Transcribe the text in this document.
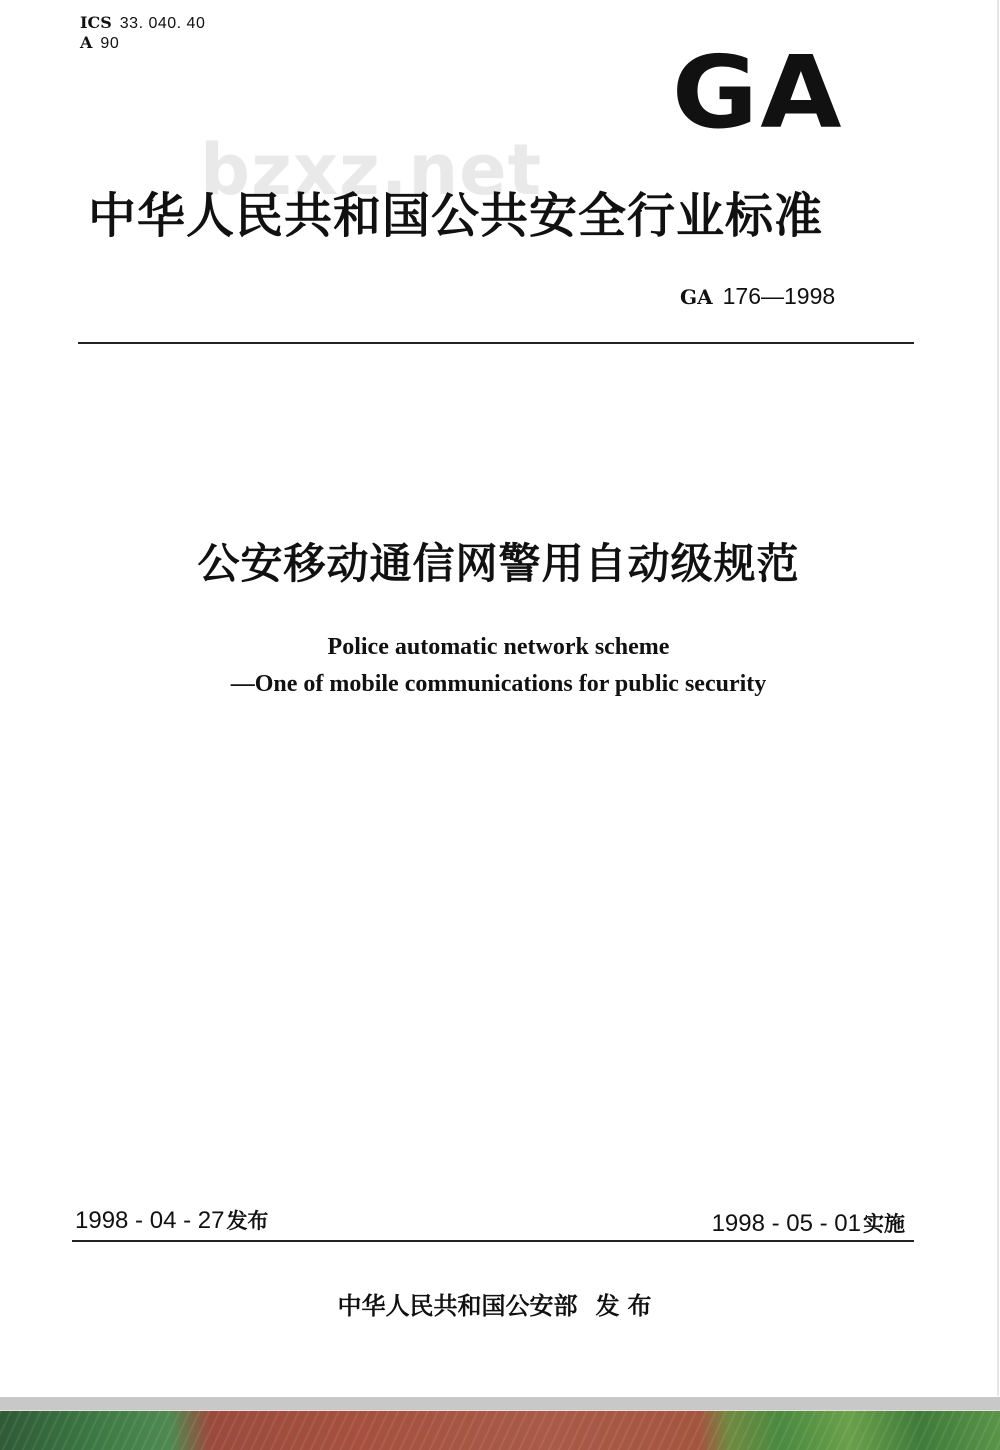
ICS 33. 040. 40
A 90	GA
bzxz.net
中华人民共和国公共安全行业标准
GA 176—1998
公安移动通信网警用自动级规范
Police automatic network scheme
—One of mobile communications for public security
1998 - 04 - 27发布	1998 - 05 - 01实施
中华人民共和国公安部 发布
